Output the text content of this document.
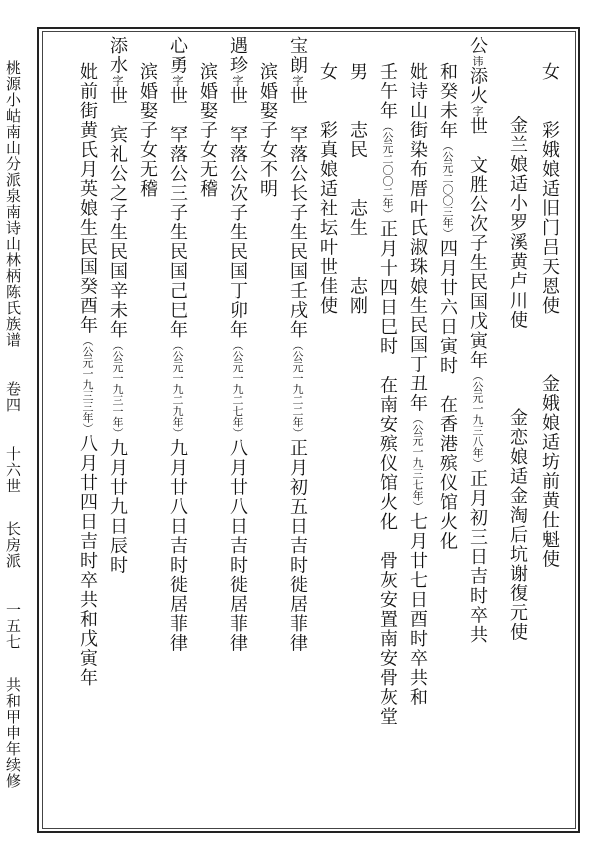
桃源小岵南山分派泉南诗山林柄陈氏族谱 卷四 十六世 长房派 一五七 共和甲申年续修
妣前街黄氏月英娘生民国癸酉年（公元一九三三年）八月廿四日吉时卒共和戊寅年
添水字世　宾礼公之子生民国辛未年（公元一九三一年）九月廿九日辰时
滨婚娶子女无稽
心勇字世　罕落公三子生民国己巳年（公元一九二九年）九月廿八日吉时徙居菲律
滨婚娶子女无稽
遇珍字世　罕落公次子生民国丁卯年（公元一九二七年）八月廿八日吉时徙居菲律
滨婚娶子女不明
宝朗字世　罕落公长子生民国壬戌年（公元一九二二年）正月初五日吉时徙居菲律
女　　彩真娘适社坛叶世佳使 男　　志民　　志生　　志刚 壬午年（公元二〇〇二年）正月十四日巳时　在南安殡仪馆火化　骨灰安置南安骨灰堂 妣诗山街染布厝叶氏淑珠娘生民国丁丑年（公元一九三七年）七月廿七日酉时卒共和
和癸未年（公元二〇〇三年）四月廿六日寅时　在香港殡仪馆火化
公讳添火字世　文胜公次子生民国戊寅年（公元一九三八年）正月初三日吉时卒共 　金兰娘适小罗溪黄卢川使　　　　金恋娘适金淘后坑谢復元使 女　　彩娥娘适旧门吕天恩使　　　金娥娘适坊前黄仕魁使
